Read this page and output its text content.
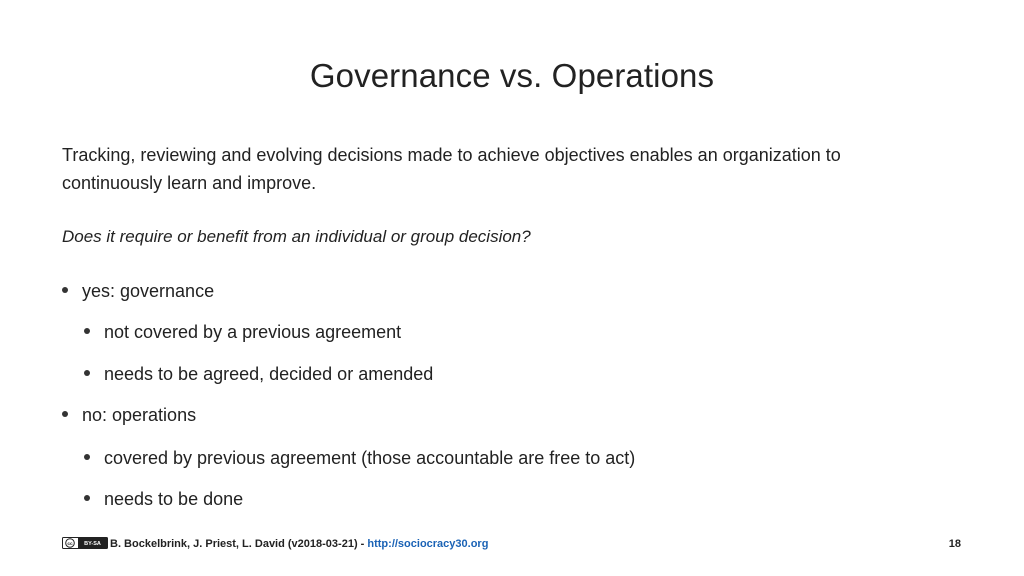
Governance vs. Operations
Tracking, reviewing and evolving decisions made to achieve objectives enables an organization to continuously learn and improve.
Does it require or benefit from an individual or group decision?
yes: governance
not covered by a previous agreement
needs to be agreed, decided or amended
no: operations
covered by previous agreement (those accountable are free to act)
needs to be done
cc BY-SA B. Bockelbrink, J. Priest, L. David (v2018-03-21) - http://sociocracy30.org	18
